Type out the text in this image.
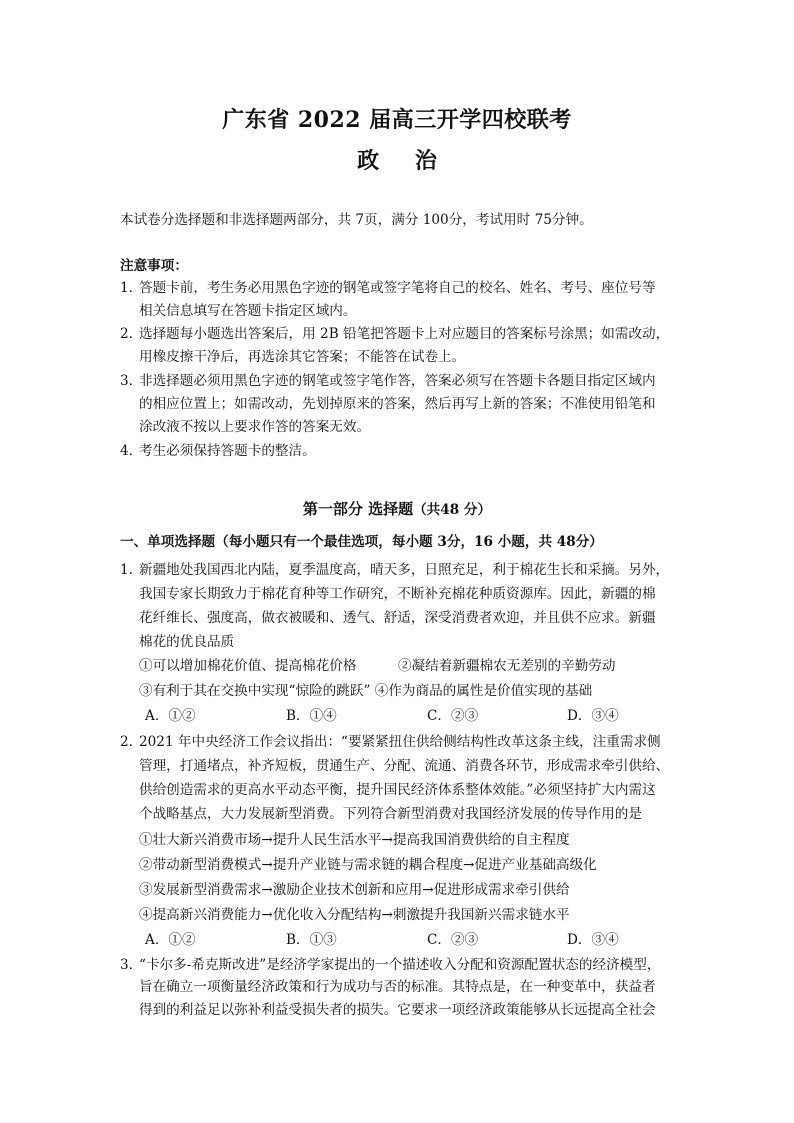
广东省 2022 届高三开学四校联考
政 治
本试卷分选择题和非选择题两部分，共 7页，满分 100分，考试用时 75分钟。
注意事项：
1．
答题卡前，考生务必用黑色字迹的钢笔或签字笔将自己的校名、姓名、考号、座位号等
相关信息填写在答题卡指定区域内。
2．
选择题每小题选出答案后，用 2B 铅笔把答题卡上对应题目的答案标号涂黑；如需改动，
用橡皮擦干净后，再选涂其它答案；不能答在试卷上。
3．
非选择题必须用黑色字迹的钢笔或签字笔作答，答案必须写在答题卡各题目指定区域内
的相应位置上；如需改动，先划掉原来的答案，然后再写上新的答案；不准使用铅笔和
涂改液不按以上要求作答的答案无效。
4．
考生必须保持答题卡的整洁。
第一部分 选择题（共48 分）
一、单项选择题（每小题只有一个最佳选项，每小题 3分，16 小题，共 48分）
1．
新疆地处我国西北内陆，夏季温度高，晴天多，日照充足，利于棉花生长和采摘。另外，
我国专家长期致力于棉花育种等工作研究，不断补充棉花种质资源库。因此，新疆的棉
花纤维长、强度高，做衣被暖和、透气、舒适，深受消费者欢迎，并且供不应求。新疆
棉花的优良品质
①可以增加棉花价值、提高棉花价格	②凝结着新疆棉农无差别的辛勤劳动
③有利于其在交换中实现“惊险的跳跃” ④作为商品的属性是价值实现的基础
A．①②	B．①④	C．②③	D．③④
2．
2021 年中央经济工作会议指出：“要紧紧扭住供给侧结构性改革这条主线，注重需求侧
管理，打通堵点，补齐短板，贯通生产、分配、流通、消费各环节，形成需求牵引供给、
供给创造需求的更高水平动态平衡，提升国民经济体系整体效能。”必须坚持扩大内需这
个战略基点，大力发展新型消费。下列符合新型消费对我国经济发展的传导作用的是
①壮大新兴消费市场→提升人民生活水平→提高我国消费供给的自主程度
②带动新型消费模式→提升产业链与需求链的耦合程度→促进产业基础高级化
③发展新型消费需求→激励企业技术创新和应用→促进形成需求牵引供给
④提高新兴消费能力→优化收入分配结构→刺激提升我国新兴需求链水平
A．①②	B．①③	C．②③	D．③④
3．
“卡尔多-希克斯改进”是经济学家提出的一个描述收入分配和资源配置状态的经济模型，
旨在确立一项衡量经济政策和行为成功与否的标准。其特点是，在一种变革中，获益者
得到的利益足以弥补利益受损失者的损失。它要求一项经济政策能够从长远提高全社会
